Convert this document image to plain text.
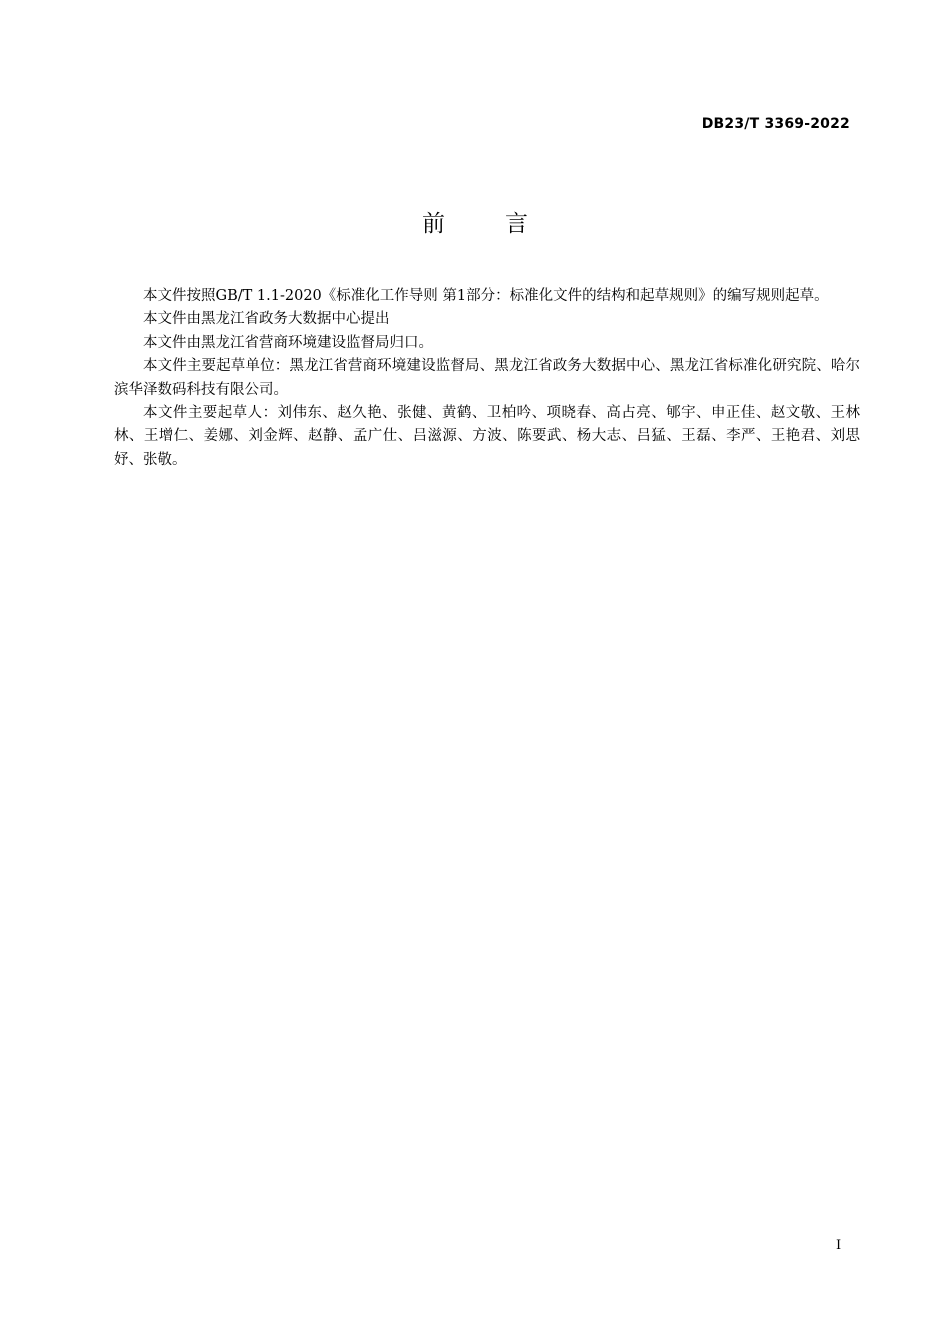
DB23/T 3369-2022
前言

本文件按照GB/T 1.1-2020《标准化工作导则 第1部分：标准化文件的结构和起草规则》的编写规则起草。

本文件由黑龙江省政务大数据中心提出

本文件由黑龙江省营商环境建设监督局归口。

本文件主要起草单位：黑龙江省营商环境建设监督局、黑龙江省政务大数据中心、黑龙江省标准化研究院、哈尔滨华泽数码科技有限公司。

本文件主要起草人：刘伟东、赵久艳、张健、黄鹤、卫柏吟、项晓春、高占亮、郇宇、申正佳、赵文敬、王林林、王增仁、姜娜、刘金辉、赵静、孟广仕、吕滋源、方波、陈要武、杨大志、吕猛、王磊、李严、王艳君、刘思妤、张敬。

I
